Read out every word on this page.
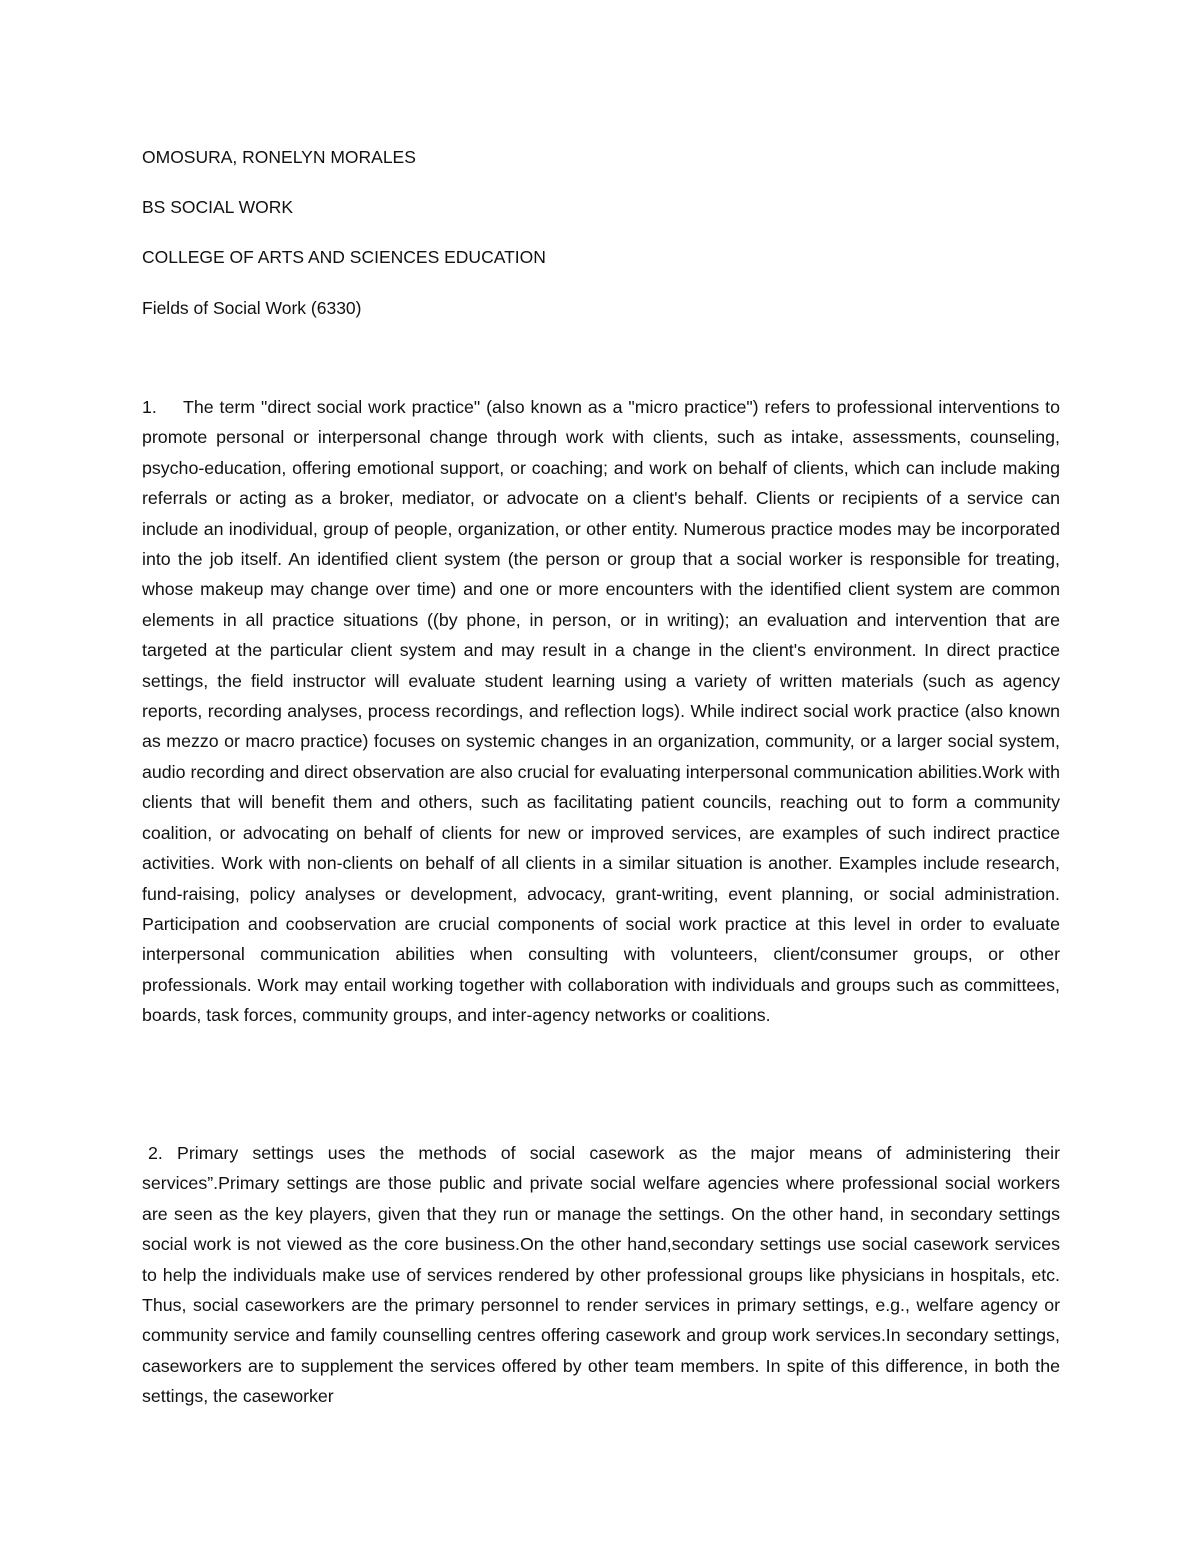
OMOSURA, RONELYN MORALES
BS SOCIAL WORK
COLLEGE OF ARTS AND SCIENCES EDUCATION
Fields of Social Work (6330)
1. The term "direct social work practice" (also known as a "micro practice") refers to professional interventions to promote personal or interpersonal change through work with clients, such as intake, assessments, counseling, psycho-education, offering emotional support, or coaching; and work on behalf of clients, which can include making referrals or acting as a broker, mediator, or advocate on a client's behalf. Clients or recipients of a service can include an inodividual, group of people, organization, or other entity. Numerous practice modes may be incorporated into the job itself. An identified client system (the person or group that a social worker is responsible for treating, whose makeup may change over time) and one or more encounters with the identified client system are common elements in all practice situations ((by phone, in person, or in writing); an evaluation and intervention that are targeted at the particular client system and may result in a change in the client's environment. In direct practice settings, the field instructor will evaluate student learning using a variety of written materials (such as agency reports, recording analyses, process recordings, and reflection logs). While indirect social work practice (also known as mezzo or macro practice) focuses on systemic changes in an organization, community, or a larger social system, audio recording and direct observation are also crucial for evaluating interpersonal communication abilities.Work with clients that will benefit them and others, such as facilitating patient councils, reaching out to form a community coalition, or advocating on behalf of clients for new or improved services, are examples of such indirect practice activities. Work with non-clients on behalf of all clients in a similar situation is another. Examples include research, fund-raising, policy analyses or development, advocacy, grant-writing, event planning, or social administration. Participation and coobservation are crucial components of social work practice at this level in order to evaluate interpersonal communication abilities when consulting with volunteers, client/consumer groups, or other professionals. Work may entail working together with collaboration with individuals and groups such as committees, boards, task forces, community groups, and inter-agency networks or coalitions.
2. Primary settings uses the methods of social casework as the major means of administering their services”.Primary settings are those public and private social welfare agencies where professional social workers are seen as the key players, given that they run or manage the settings. On the other hand, in secondary settings social work is not viewed as the core business.On the other hand,secondary settings use social casework services to help the individuals make use of services rendered by other professional groups like physicians in hospitals, etc. Thus, social caseworkers are the primary personnel to render services in primary settings, e.g., welfare agency or community service and family counselling centres offering casework and group work services.In secondary settings, caseworkers are to supplement the services offered by other team members. In spite of this difference, in both the settings, the caseworker
